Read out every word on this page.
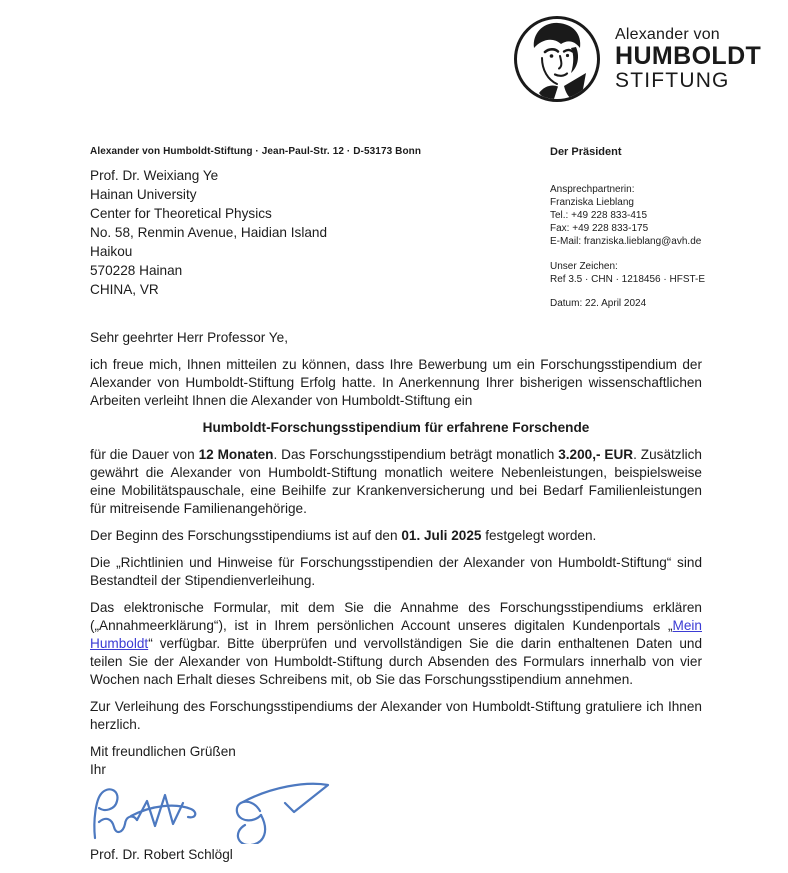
Alexander von
HUMBOLDT
STIFTUNG
Alexander von Humboldt-Stiftung · Jean-Paul-Str. 12 · D-53173 Bonn
Prof. Dr. Weixiang Ye
Hainan University
Center for Theoretical Physics
No. 58, Renmin Avenue, Haidian Island
Haikou
570228 Hainan
CHINA, VR
Der Präsident
Ansprechpartnerin:
Franziska Lieblang
Tel.: +49 228 833-415
Fax: +49 228 833-175
E-Mail: franziska.lieblang@avh.de
Unser Zeichen:
Ref 3.5 · CHN · 1218456 · HFST-E
Datum: 22. April 2024

Sehr geehrter Herr Professor Ye,

ich freue mich, Ihnen mitteilen zu können, dass Ihre Bewerbung um ein Forschungsstipendium der Alexander von Humboldt-Stiftung Erfolg hatte. In Anerkennung Ihrer bisherigen wissenschaftlichen Arbeiten verleiht Ihnen die Alexander von Humboldt-Stiftung ein

Humboldt-Forschungsstipendium für erfahrene Forschende

für die Dauer von 12 Monaten. Das Forschungsstipendium beträgt monatlich 3.200,- EUR. Zusätzlich gewährt die Alexander von Humboldt-Stiftung monatlich weitere Nebenleistungen, beispielsweise eine Mobilitätspauschale, eine Beihilfe zur Krankenversicherung und bei Bedarf Familienleistungen für mitreisende Familienangehörige.

Der Beginn des Forschungsstipendiums ist auf den 01. Juli 2025 festgelegt worden.

Die „Richtlinien und Hinweise für Forschungsstipendien der Alexander von Humboldt-Stiftung“ sind Bestandteil der Stipendienverleihung.

Das elektronische Formular, mit dem Sie die Annahme des Forschungsstipendiums erklären („Annahmeerklärung“), ist in Ihrem persönlichen Account unseres digitalen Kundenportals „Mein Humboldt“ verfügbar. Bitte überprüfen und vervollständigen Sie die darin enthaltenen Daten und teilen Sie der Alexander von Humboldt-Stiftung durch Absenden des Formulars innerhalb von vier Wochen nach Erhalt dieses Schreibens mit, ob Sie das Forschungsstipendium annehmen.

Zur Verleihung des Forschungsstipendiums der Alexander von Humboldt-Stiftung gratuliere ich Ihnen herzlich.

Mit freundlichen Grüßen
Ihr

Prof. Dr. Robert Schlögl
